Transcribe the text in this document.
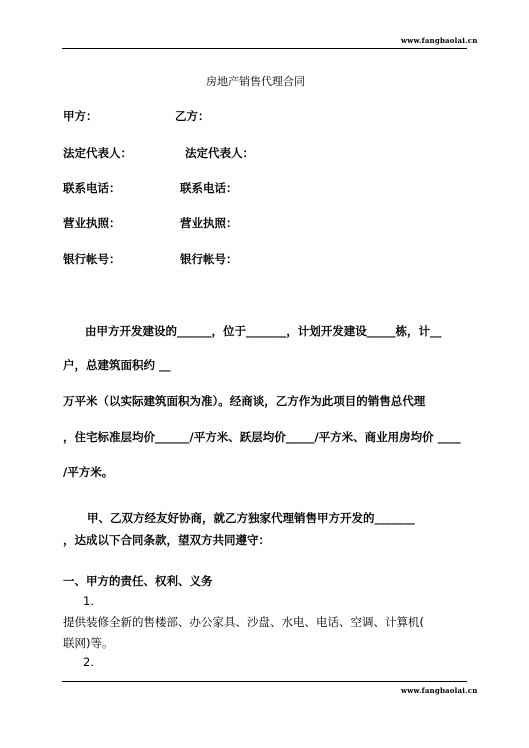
www.fangbaolai.cn
房地产销售代理合同
甲方：	乙方：
法定代表人：	法定代表人：
联系电话：	联系电话：
营业执照：	营业执照：
银行帐号：	银行帐号：
由甲方开发建设的______，位于_______，计划开发建设_____栋，计__
户，总建筑面积约 __
万平米（以实际建筑面积为准）。经商谈，乙方作为此项目的销售总代理
，住宅标准层均价______/平方米、跃层均价_____/平方米、商业用房均价 ____
/平方米。
甲、乙双方经友好协商，就乙方独家代理销售甲方开发的_______
，达成以下合同条款，望双方共同遵守：
一、甲方的责任、权利、义务
1.
提供装修全新的售楼部、办公家具、沙盘、水电、电话、空调、计算机(
联网)等。
2.
www.fangbaolai.cn
